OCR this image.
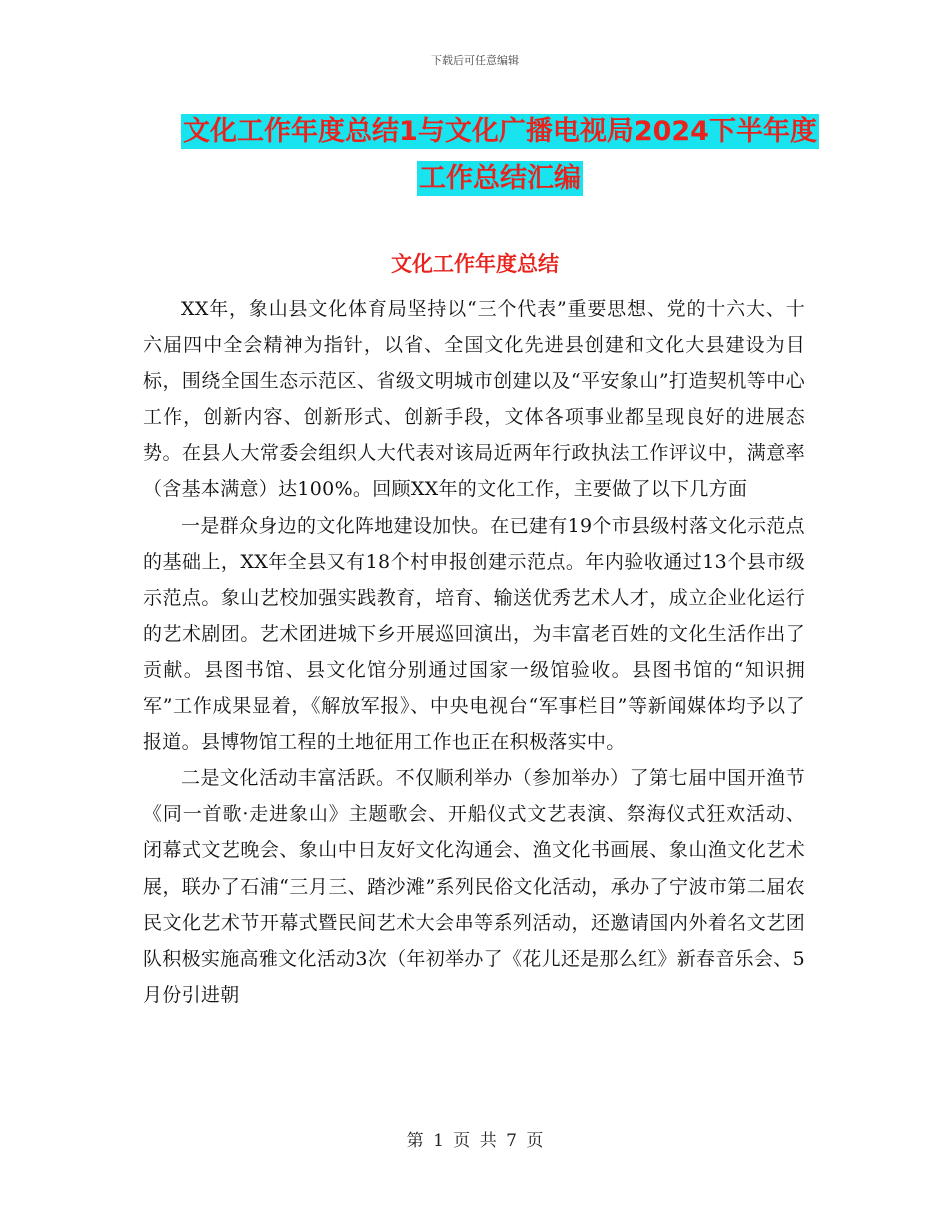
下载后可任意编辑
文化工作年度总结1与文化广播电视局2024下半年度
工作总结汇编
文化工作年度总结

XX年，象山县文化体育局坚持以“三个代表”重要思想、党的十六大、十六届四中全会精神为指针，以省、全国文化先进县创建和文化大县建设为目标，围绕全国生态示范区、省级文明城市创建以及“平安象山”打造契机等中心工作，创新内容、创新形式、创新手段，文体各项事业都呈现良好的进展态势。在县人大常委会组织人大代表对该局近两年行政执法工作评议中，满意率（含基本满意）达100%。回顾XX年的文化工作，主要做了以下几方面

一是群众身边的文化阵地建设加快。在已建有19个市县级村落文化示范点的基础上，XX年全县又有18个村申报创建示范点。年内验收通过13个县市级示范点。象山艺校加强实践教育，培育、输送优秀艺术人才，成立企业化运行的艺术剧团。艺术团进城下乡开展巡回演出，为丰富老百姓的文化生活作出了贡献。县图书馆、县文化馆分别通过国家一级馆验收。县图书馆的“知识拥军”工作成果显着，《解放军报》、中央电视台“军事栏目”等新闻媒体均予以了报道。县博物馆工程的土地征用工作也正在积极落实中。

二是文化活动丰富活跃。不仅顺利举办（参加举办）了第七届中国开渔节《同一首歌·走进象山》主题歌会、开船仪式文艺表演、祭海仪式狂欢活动、闭幕式文艺晚会、象山中日友好文化沟通会、渔文化书画展、象山渔文化艺术展，联办了石浦“三月三、踏沙滩”系列民俗文化活动，承办了宁波市第二届农民文化艺术节开幕式暨民间艺术大会串等系列活动，还邀请国内外着名文艺团队积极实施高雅文化活动3次（年初举办了《花儿还是那么红》新春音乐会、5月份引进朝

第 1 页 共 7 页
